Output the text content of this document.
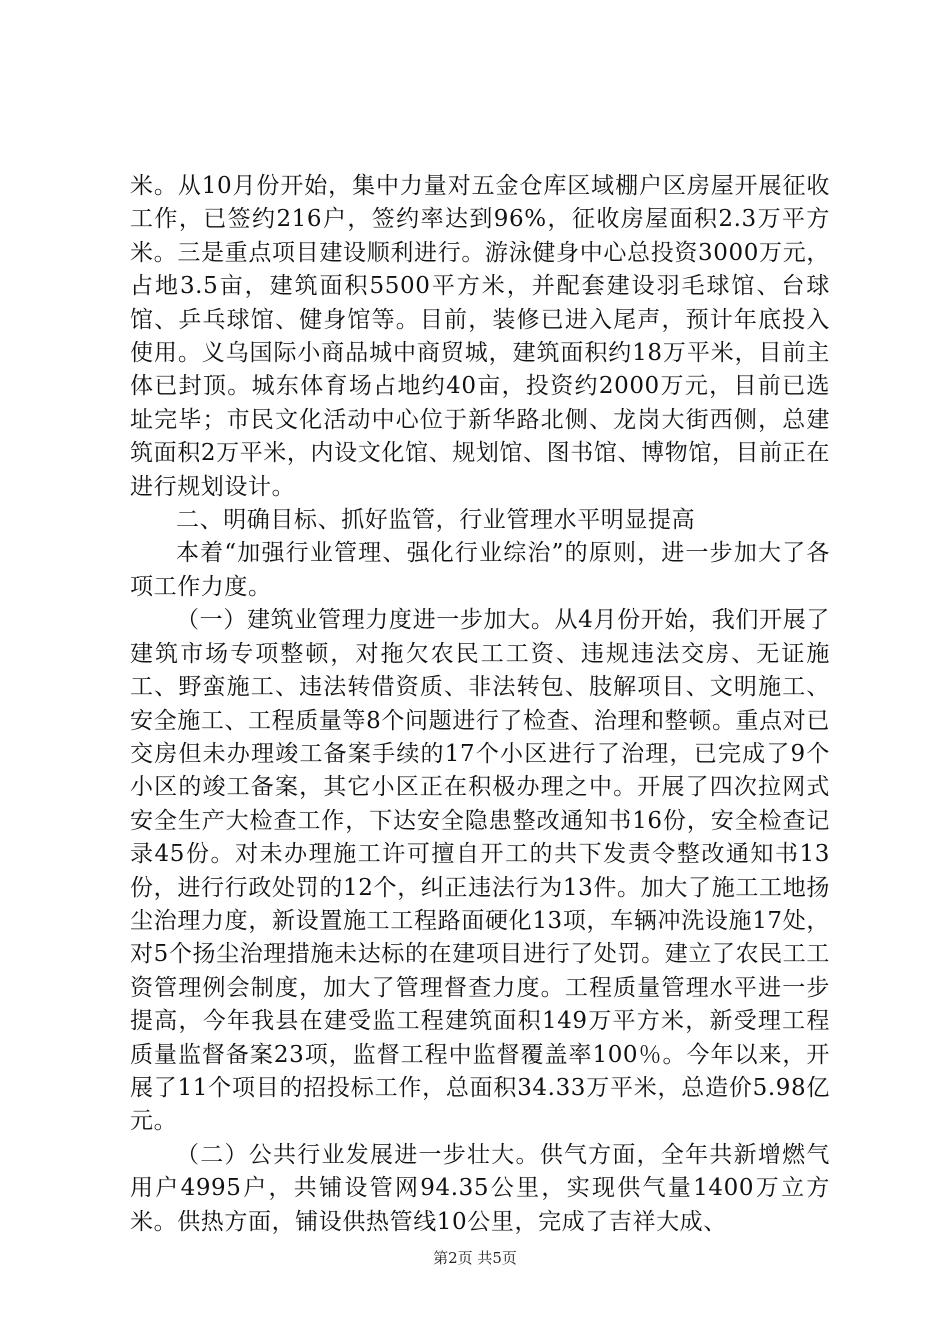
米。从10月份开始，集中力量对五金仓库区域棚户区房屋开展征收工作，已签约216户，签约率达到96%，征收房屋面积2.3万平方米。三是重点项目建设顺利进行。游泳健身中心总投资3000万元，占地3.5亩，建筑面积5500平方米，并配套建设羽毛球馆、台球馆、乒乓球馆、健身馆等。目前，装修已进入尾声，预计年底投入使用。义乌国际小商品城中商贸城，建筑面积约18万平米，目前主体已封顶。城东体育场占地约40亩，投资约2000万元，目前已选址完毕；市民文化活动中心位于新华路北侧、龙岗大街西侧，总建筑面积2万平米，内设文化馆、规划馆、图书馆、博物馆，目前正在进行规划设计。

二、明确目标、抓好监管，行业管理水平明显提高

本着“加强行业管理、强化行业综治”的原则，进一步加大了各项工作力度。

（一）建筑业管理力度进一步加大。从4月份开始，我们开展了建筑市场专项整顿，对拖欠农民工工资、违规违法交房、无证施工、野蛮施工、违法转借资质、非法转包、肢解项目、文明施工、安全施工、工程质量等8个问题进行了检查、治理和整顿。重点对已交房但未办理竣工备案手续的17个小区进行了治理，已完成了9个小区的竣工备案，其它小区正在积极办理之中。开展了四次拉网式安全生产大检查工作，下达安全隐患整改通知书16份，安全检查记录45份。对未办理施工许可擅自开工的共下发责令整改通知书13份，进行行政处罚的12个，纠正违法行为13件。加大了施工工地扬尘治理力度，新设置施工工程路面硬化13项，车辆冲洗设施17处，对5个扬尘治理措施未达标的在建项目进行了处罚。建立了农民工工资管理例会制度，加大了管理督查力度。工程质量管理水平进一步提高，今年我县在建受监工程建筑面积149万平方米，新受理工程质量监督备案23项，监督工程中监督覆盖率100％。今年以来，开展了11个项目的招投标工作，总面积34.33万平米，总造价5.98亿元。

（二）公共行业发展进一步壮大。供气方面，全年共新增燃气用户4995户，共铺设管网94.35公里，实现供气量1400万立方米。供热方面，铺设供热管线10公里，完成了吉祥大成、

第2页 共5页
